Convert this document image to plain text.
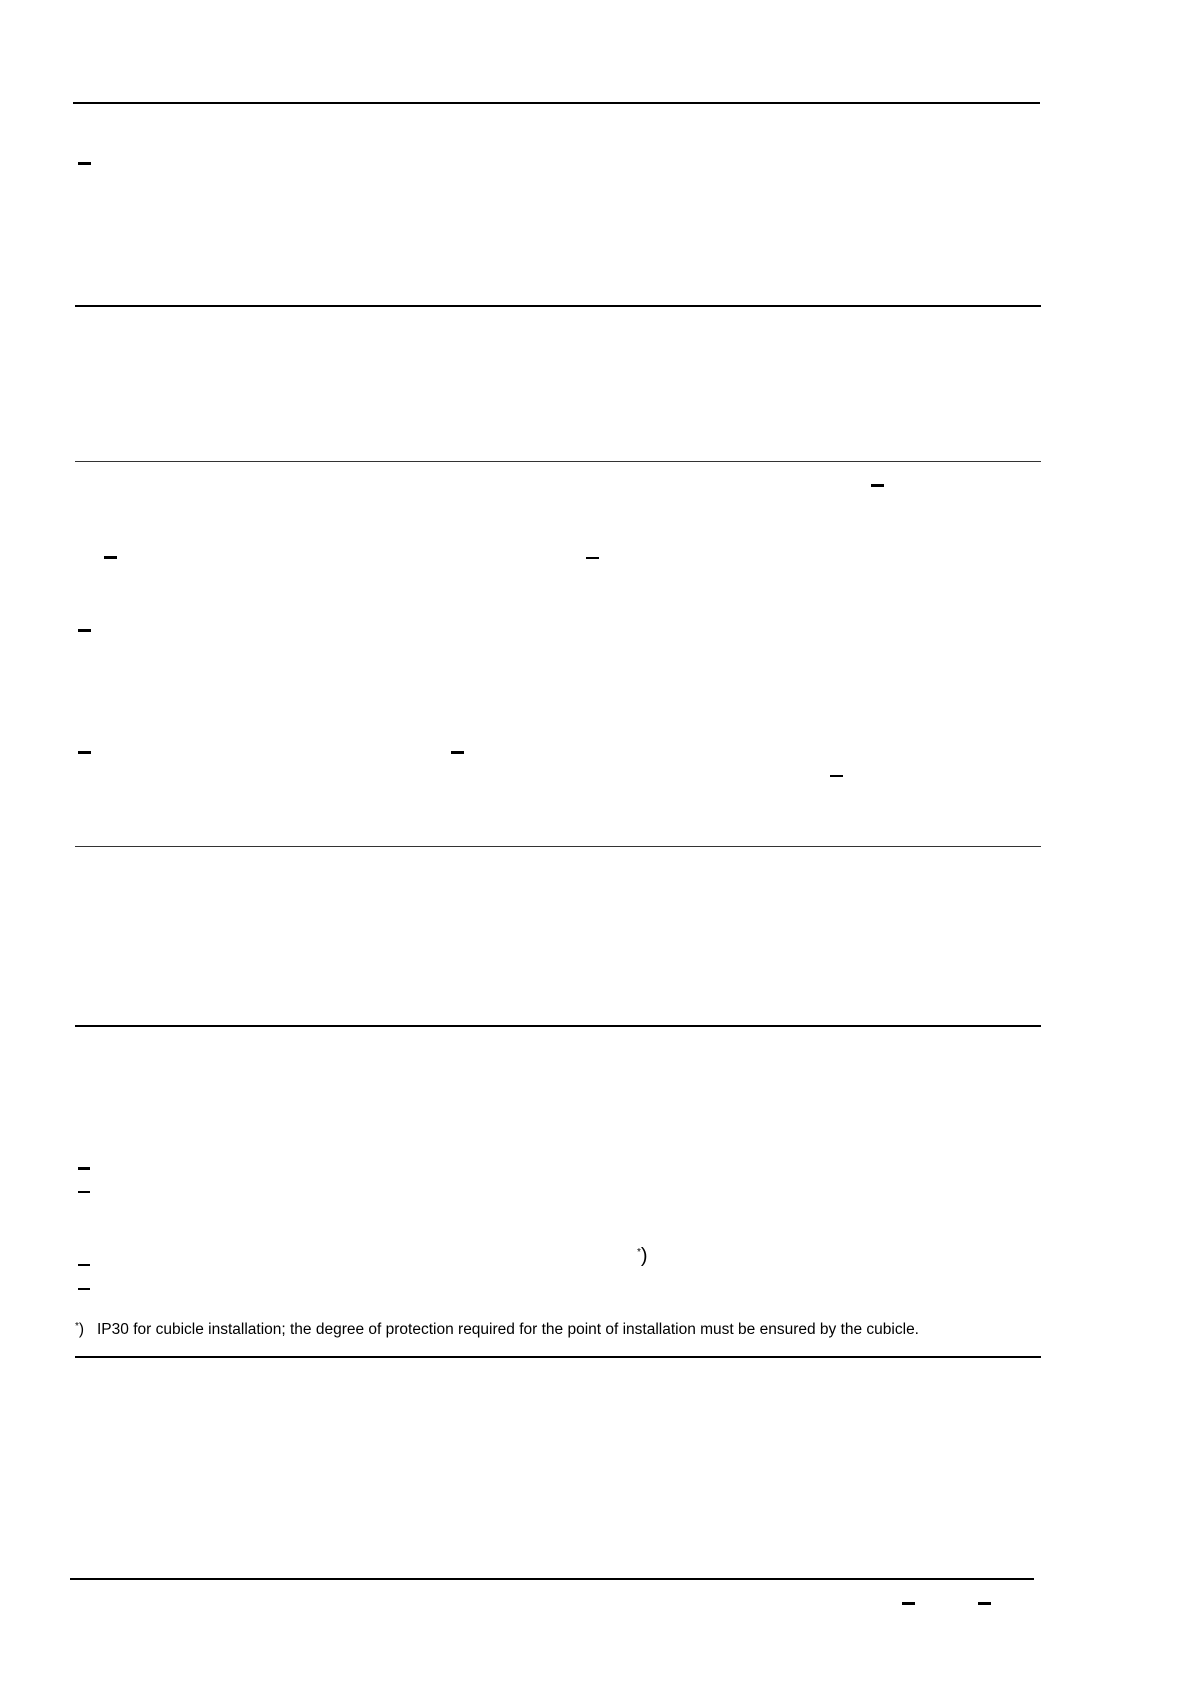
*)
*) IP30 for cubicle installation; the degree of protection required for the point of installation must be ensured by the cubicle.
